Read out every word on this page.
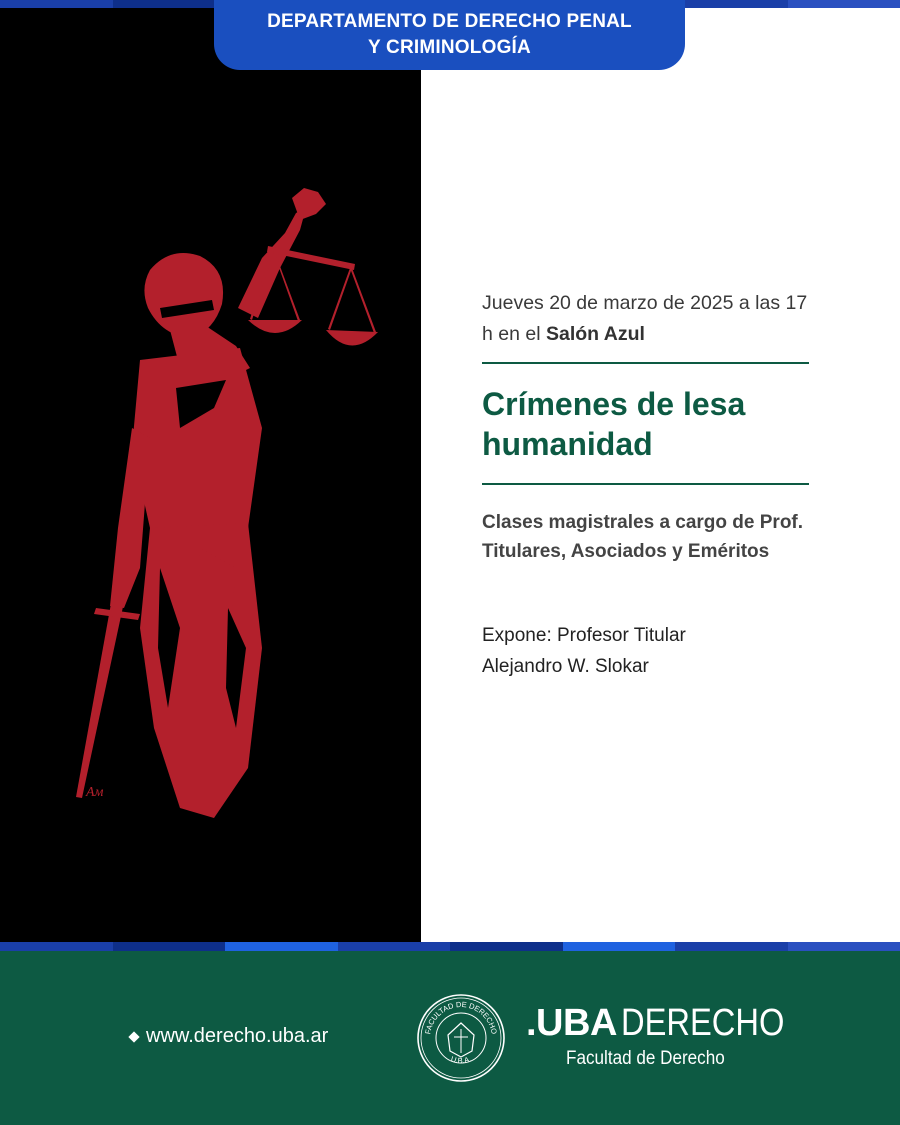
Aм
DEPARTAMENTO DE DERECHO PENAL
Y CRIMINOLOGÍA
Jueves 20 de marzo de 2025 a las 17 h en el Salón Azul
Crímenes de lesa humanidad
Clases magistrales a cargo de Prof. Titulares, Asociados y Eméritos
Expone: Profesor Titular
Alejandro W. Slokar
www.derecho.uba.ar	FACULTAD DE DERECHO
U.B.A.
.UBA DERECHO
Facultad de Derecho
